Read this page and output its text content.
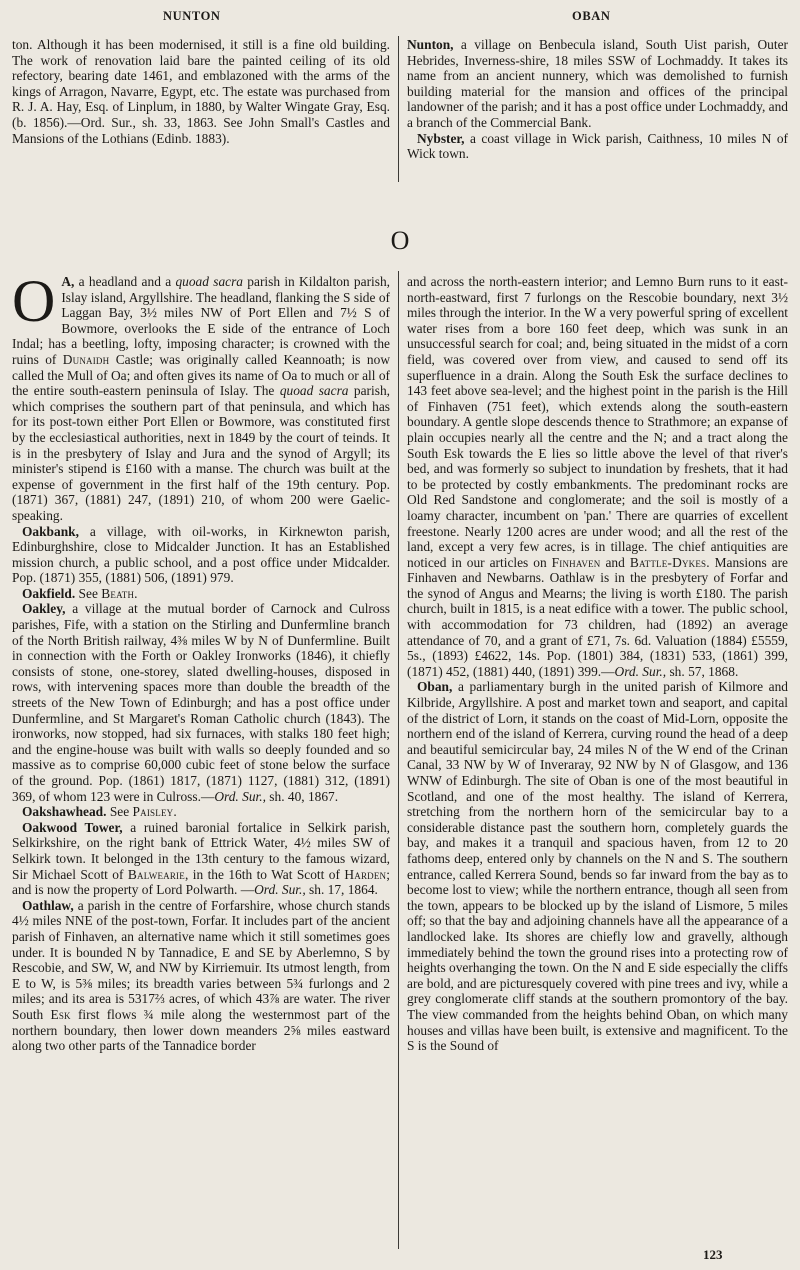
NUNTON	OBAN

ton. Although it has been modernised, it still is a fine old building. The work of renovation laid bare the painted ceiling of its old refectory, bearing date 1461, and emblazoned with the arms of the kings of Arragon, Navarre, Egypt, etc. The estate was purchased from R. J. A. Hay, Esq. of Linplum, in 1880, by Walter Wingate Gray, Esq. (b. 1856).—Ord. Sur., sh. 33, 1863. See John Small's Castles and Mansions of the Lothians (Edinb. 1883).

Nunton, a village on Benbecula island, South Uist parish, Outer Hebrides, Inverness-shire, 18 miles SSW of Lochmaddy. It takes its name from an ancient nunnery, which was demolished to furnish building material for the mansion and offices of the principal landowner of the parish; and it has a post office under Lochmaddy, and a branch of the Commercial Bank.

Nybster, a coast village in Wick parish, Caithness, 10 miles N of Wick town.

O

O A, a headland and a quoad sacra parish in Kildalton parish, Islay island, Argyllshire. The headland, flanking the S side of Laggan Bay, 3½ miles NW of Port Ellen and 7½ S of Bowmore, overlooks the E side of the entrance of Loch Indal; has a beetling, lofty, imposing character; is crowned with the ruins of Dunaidh Castle; was originally called Keannoath; is now called the Mull of Oa; and often gives its name of Oa to much or all of the entire south-eastern peninsula of Islay. The quoad sacra parish, which comprises the southern part of that peninsula, and which has for its post-town either Port Ellen or Bowmore, was constituted first by the ecclesiastical authorities, next in 1849 by the court of teinds. It is in the presbytery of Islay and Jura and the synod of Argyll; its minister's stipend is £160 with a manse. The church was built at the expense of government in the first half of the 19th century. Pop. (1871) 367, (1881) 247, (1891) 210, of whom 200 were Gaelic-speaking.

Oakbank, a village, with oil-works, in Kirknewton parish, Edinburghshire, close to Midcalder Junction. It has an Established mission church, a public school, and a post office under Midcalder. Pop. (1871) 355, (1881) 506, (1891) 979.

Oakfield. See Beath.

Oakley, a village at the mutual border of Carnock and Culross parishes, Fife, with a station on the Stirling and Dunfermline branch of the North British railway, 4⅜ miles W by N of Dunfermline. Built in connection with the Forth or Oakley Ironworks (1846), it chiefly consists of stone, one-storey, slated dwelling-houses, disposed in rows, with intervening spaces more than double the breadth of the streets of the New Town of Edinburgh; and has a post office under Dunfermline, and St Margaret's Roman Catholic church (1843). The ironworks, now stopped, had six furnaces, with stalks 180 feet high; and the engine-house was built with walls so deeply founded and so massive as to comprise 60,000 cubic feet of stone below the surface of the ground. Pop. (1861) 1817, (1871) 1127, (1881) 312, (1891) 369, of whom 123 were in Culross.—Ord. Sur., sh. 40, 1867.

Oakshawhead. See Paisley.

Oakwood Tower, a ruined baronial fortalice in Selkirk parish, Selkirkshire, on the right bank of Ettrick Water, 4½ miles SW of Selkirk town. It belonged in the 13th century to the famous wizard, Sir Michael Scott of Balwearie, in the 16th to Wat Scott of Harden; and is now the property of Lord Polwarth. —Ord. Sur., sh. 17, 1864.

Oathlaw, a parish in the centre of Forfarshire, whose church stands 4½ miles NNE of the post-town, Forfar. It includes part of the ancient parish of Finhaven, an alternative name which it still sometimes goes under. It is bounded N by Tannadice, E and SE by Aberlemno, S by Rescobie, and SW, W, and NW by Kirriemuir. Its utmost length, from E to W, is 5⅜ miles; its breadth varies between 5¾ furlongs and 2 miles; and its area is 5317⅔ acres, of which 43⅞ are water. The river South Esk first flows ¾ mile along the westernmost part of the northern boundary, then lower down meanders 2⅝ miles eastward along two other parts of the Tannadice border

and across the north-eastern interior; and Lemno Burn runs to it east-north-eastward, first 7 furlongs on the Rescobie boundary, next 3½ miles through the interior. In the W a very powerful spring of excellent water rises from a bore 160 feet deep, which was sunk in an unsuccessful search for coal; and, being situated in the midst of a corn field, was covered over from view, and caused to send off its superfluence in a drain. Along the South Esk the surface declines to 143 feet above sea-level; and the highest point in the parish is the Hill of Finhaven (751 feet), which extends along the south-eastern boundary. A gentle slope descends thence to Strathmore; an expanse of plain occupies nearly all the centre and the N; and a tract along the South Esk towards the E lies so little above the level of that river's bed, and was formerly so subject to inundation by freshets, that it had to be protected by costly embankments. The predominant rocks are Old Red Sandstone and conglomerate; and the soil is mostly of a loamy character, incumbent on 'pan.' There are quarries of excellent freestone. Nearly 1200 acres are under wood; and all the rest of the land, except a very few acres, is in tillage. The chief antiquities are noticed in our articles on Finhaven and Battle-Dykes. Mansions are Finhaven and Newbarns. Oathlaw is in the presbytery of Forfar and the synod of Angus and Mearns; the living is worth £180. The parish church, built in 1815, is a neat edifice with a tower. The public school, with accommodation for 73 children, had (1892) an average attendance of 70, and a grant of £71, 7s. 6d. Valuation (1884) £5559, 5s., (1893) £4622, 14s. Pop. (1801) 384, (1831) 533, (1861) 399, (1871) 452, (1881) 440, (1891) 399.—Ord. Sur., sh. 57, 1868.

Oban, a parliamentary burgh in the united parish of Kilmore and Kilbride, Argyllshire. A post and market town and seaport, and capital of the district of Lorn, it stands on the coast of Mid-Lorn, opposite the northern end of the island of Kerrera, curving round the head of a deep and beautiful semicircular bay, 24 miles N of the W end of the Crinan Canal, 33 NW by W of Inveraray, 92 NW by N of Glasgow, and 136 WNW of Edinburgh. The site of Oban is one of the most beautiful in Scotland, and one of the most healthy. The island of Kerrera, stretching from the northern horn of the semicircular bay to a considerable distance past the southern horn, completely guards the bay, and makes it a tranquil and spacious haven, from 12 to 20 fathoms deep, entered only by channels on the N and S. The southern entrance, called Kerrera Sound, bends so far inward from the bay as to become lost to view; while the northern entrance, though all seen from the town, appears to be blocked up by the island of Lismore, 5 miles off; so that the bay and adjoining channels have all the appearance of a landlocked lake. Its shores are chiefly low and gravelly, although immediately behind the town the ground rises into a protecting row of heights overhanging the town. On the N and E side especially the cliffs are bold, and are picturesquely covered with pine trees and ivy, while a grey conglomerate cliff stands at the southern promontory of the bay. The view commanded from the heights behind Oban, on which many houses and villas have been built, is extensive and magnificent. To the S is the Sound of

123
